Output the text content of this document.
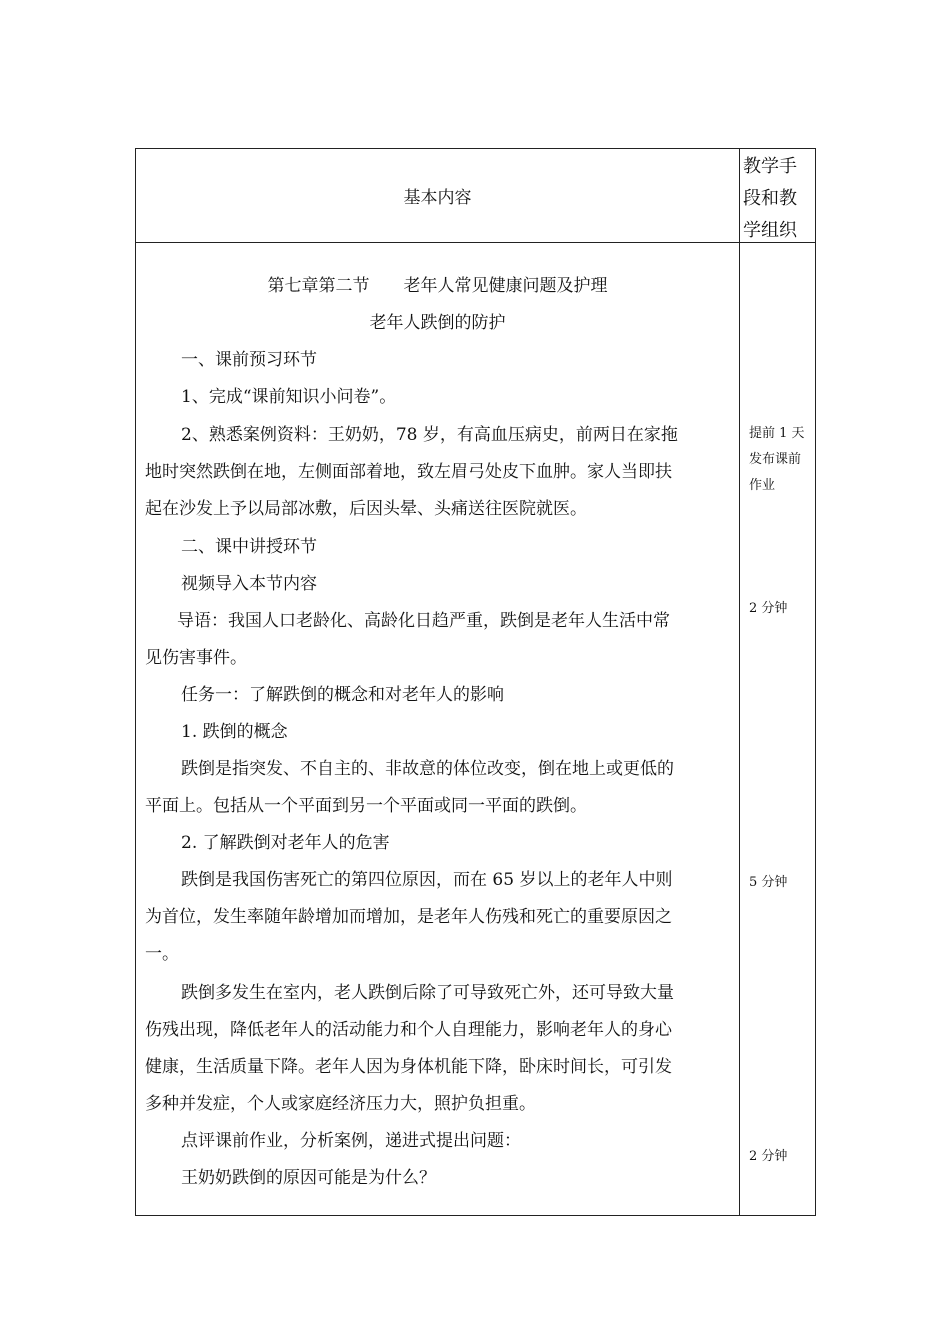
基本内容
教学手
段和教
学组织
第七章第二节　　老年人常见健康问题及护理
老年人跌倒的防护
一、课前预习环节
1、完成“课前知识小问卷”。
2、熟悉案例资料：王奶奶，78 岁，有高血压病史，前两日在家拖
地时突然跌倒在地，左侧面部着地，致左眉弓处皮下血肿。家人当即扶
起在沙发上予以局部冰敷，后因头晕、头痛送往医院就医。
二、课中讲授环节
视频导入本节内容
导语：我国人口老龄化、高龄化日趋严重，跌倒是老年人生活中常
见伤害事件。
任务一：了解跌倒的概念和对老年人的影响
1. 跌倒的概念
跌倒是指突发、不自主的、非故意的体位改变，倒在地上或更低的
平面上。包括从一个平面到另一个平面或同一平面的跌倒。
2. 了解跌倒对老年人的危害
跌倒是我国伤害死亡的第四位原因，而在 65 岁以上的老年人中则
为首位，发生率随年龄增加而增加，是老年人伤残和死亡的重要原因之
一。
跌倒多发生在室内，老人跌倒后除了可导致死亡外，还可导致大量
伤残出现，降低老年人的活动能力和个人自理能力，影响老年人的身心
健康，生活质量下降。老年人因为身体机能下降，卧床时间长，可引发
多种并发症，个人或家庭经济压力大，照护负担重。
点评课前作业，分析案例，递进式提出问题：
王奶奶跌倒的原因可能是为什么？
提前 1 天
发布课前
作业
2 分钟
5 分钟
2 分钟
